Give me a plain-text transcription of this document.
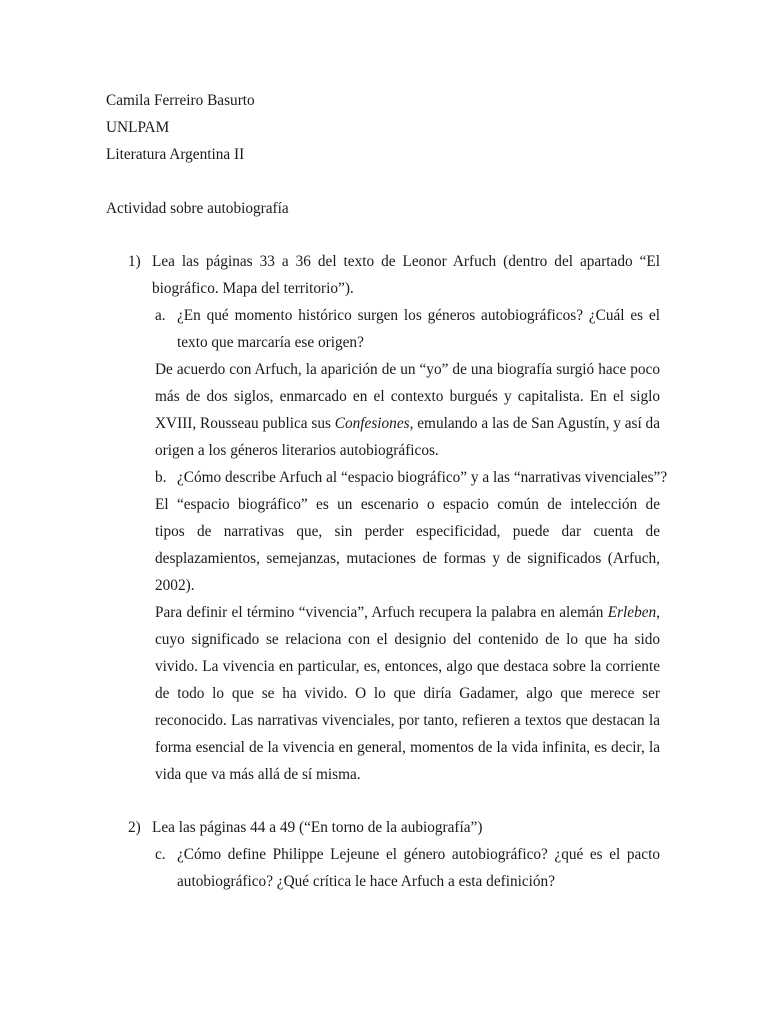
Camila Ferreiro Basurto
UNLPAM
Literatura Argentina II
Actividad sobre autobiografía
1) Lea las páginas 33 a 36 del texto de Leonor Arfuch (dentro del apartado “El
biográfico. Mapa del territorio”).
a. ¿En qué momento histórico surgen los géneros autobiográficos? ¿Cuál es el
texto que marcaría ese origen?
De acuerdo con Arfuch, la aparición de un “yo” de una biografía surgió hace poco
más de dos siglos, enmarcado en el contexto burgués y capitalista. En el siglo
XVIII, Rousseau publica sus Confesiones, emulando a las de San Agustín, y así da
origen a los géneros literarios autobiográficos.
b. ¿Cómo describe Arfuch al “espacio biográfico” y a las “narrativas vivenciales”?
El “espacio biográfico” es un escenario o espacio común de intelección de
tipos de narrativas que, sin perder especificidad, puede dar cuenta de
desplazamientos, semejanzas, mutaciones de formas y de significados (Arfuch,
2002).
Para definir el término “vivencia”, Arfuch recupera la palabra en alemán Erleben,
cuyo significado se relaciona con el designio del contenido de lo que ha sido
vivido. La vivencia en particular, es, entonces, algo que destaca sobre la corriente
de todo lo que se ha vivido. O lo que diría Gadamer, algo que merece ser
reconocido. Las narrativas vivenciales, por tanto, refieren a textos que destacan la
forma esencial de la vivencia en general, momentos de la vida infinita, es decir, la
vida que va más allá de sí misma.
2) Lea las páginas 44 a 49 (“En torno de la aubiografía”)
c. ¿Cómo define Philippe Lejeune el género autobiográfico? ¿qué es el pacto
autobiográfico? ¿Qué crítica le hace Arfuch a esta definición?
